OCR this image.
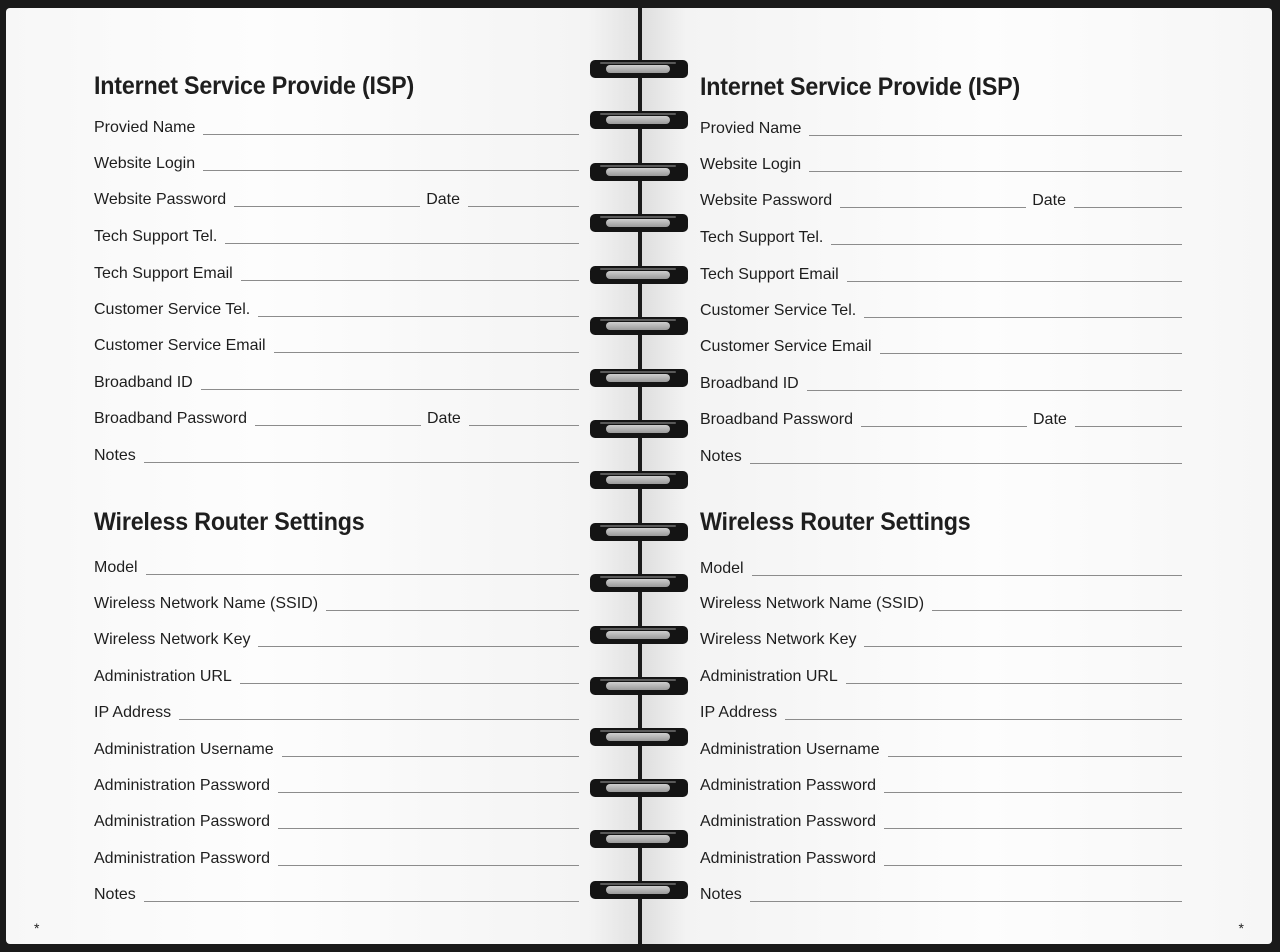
Internet Service Provide (ISP)
Provied Name
Website Login
Website Password	Date
Tech Support Tel.
Tech Support Email
Customer Service Tel.
Customer Service Email
Broadband ID
Broadband Password	Date
Notes
Wireless Router Settings
Model
Wireless Network Name (SSID)
Wireless Network Key
Administration URL
IP Address
Administration Username
Administration Password
Administration Password
Administration Password
Notes
*
Internet Service Provide (ISP)
Provied Name
Website Login
Website Password	Date
Tech Support Tel.
Tech Support Email
Customer Service Tel.
Customer Service Email
Broadband ID
Broadband Password	Date
Notes
Wireless Router Settings
Model
Wireless Network Name (SSID)
Wireless Network Key
Administration URL
IP Address
Administration Username
Administration Password
Administration Password
Administration Password
Notes
*
